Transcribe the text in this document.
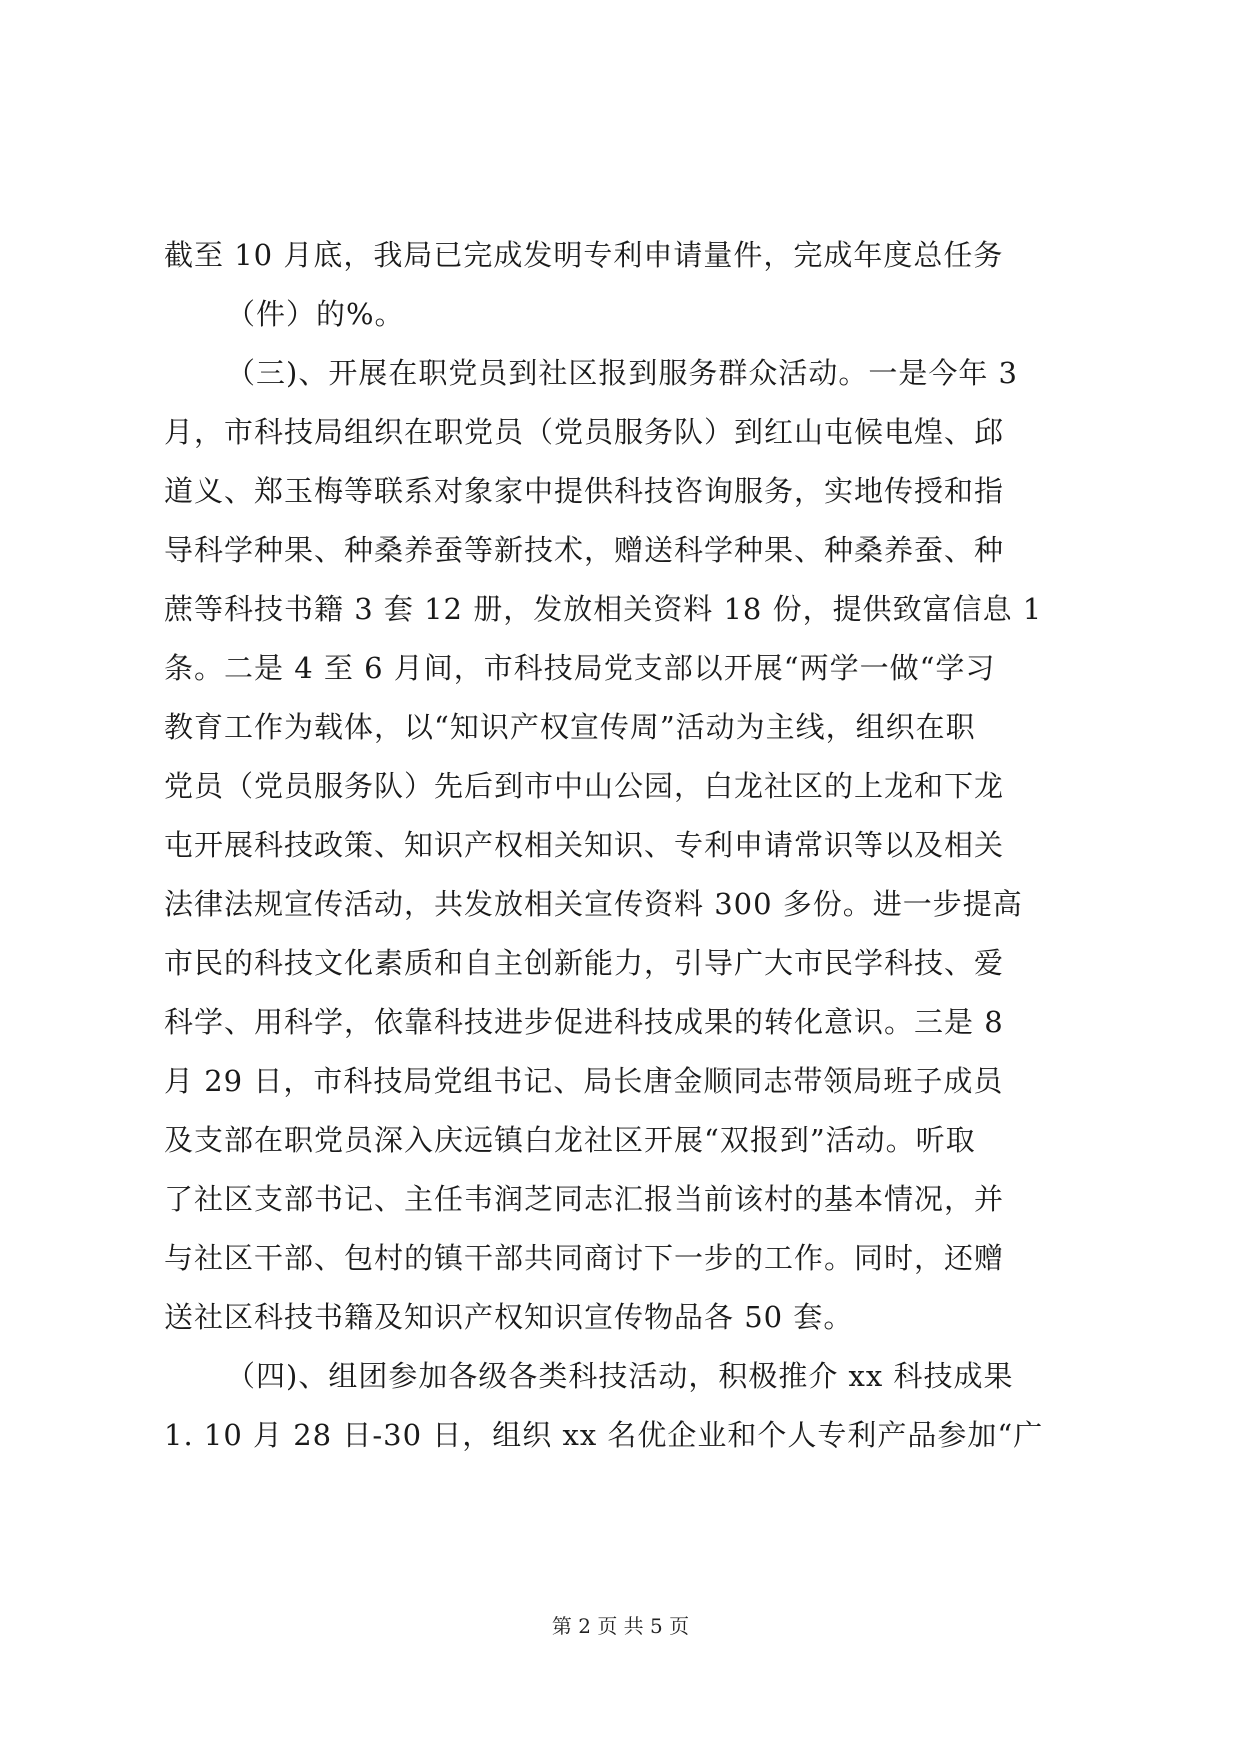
截至 10 月底，我局已完成发明专利申请量件，完成年度总任务
（件）的%。
（三)、开展在职党员到社区报到服务群众活动。一是今年 3
月，市科技局组织在职党员（党员服务队）到红山屯候电煌、邱
道义、郑玉梅等联系对象家中提供科技咨询服务，实地传授和指
导科学种果、种桑养蚕等新技术，赠送科学种果、种桑养蚕、种
蔗等科技书籍 3 套 12 册，发放相关资料 18 份，提供致富信息 1
条。二是 4 至 6 月间，市科技局党支部以开展“两学一做“学习
教育工作为载体，以“知识产权宣传周”活动为主线，组织在职
党员（党员服务队）先后到市中山公园，白龙社区的上龙和下龙
屯开展科技政策、知识产权相关知识、专利申请常识等以及相关
法律法规宣传活动，共发放相关宣传资料 300 多份。进一步提高
市民的科技文化素质和自主创新能力，引导广大市民学科技、爱
科学、用科学，依靠科技进步促进科技成果的转化意识。三是 8
月 29 日，市科技局党组书记、局长唐金顺同志带领局班子成员
及支部在职党员深入庆远镇白龙社区开展“双报到”活动。听取
了社区支部书记、主任韦润芝同志汇报当前该村的基本情况，并
与社区干部、包村的镇干部共同商讨下一步的工作。同时，还赠
送社区科技书籍及知识产权知识宣传物品各 50 套。
（四)、组团参加各级各类科技活动，积极推介 xx 科技成果
1. 10 月 28 日-30 日，组织 xx 名优企业和个人专利产品参加“广
第 2 页 共 5 页
